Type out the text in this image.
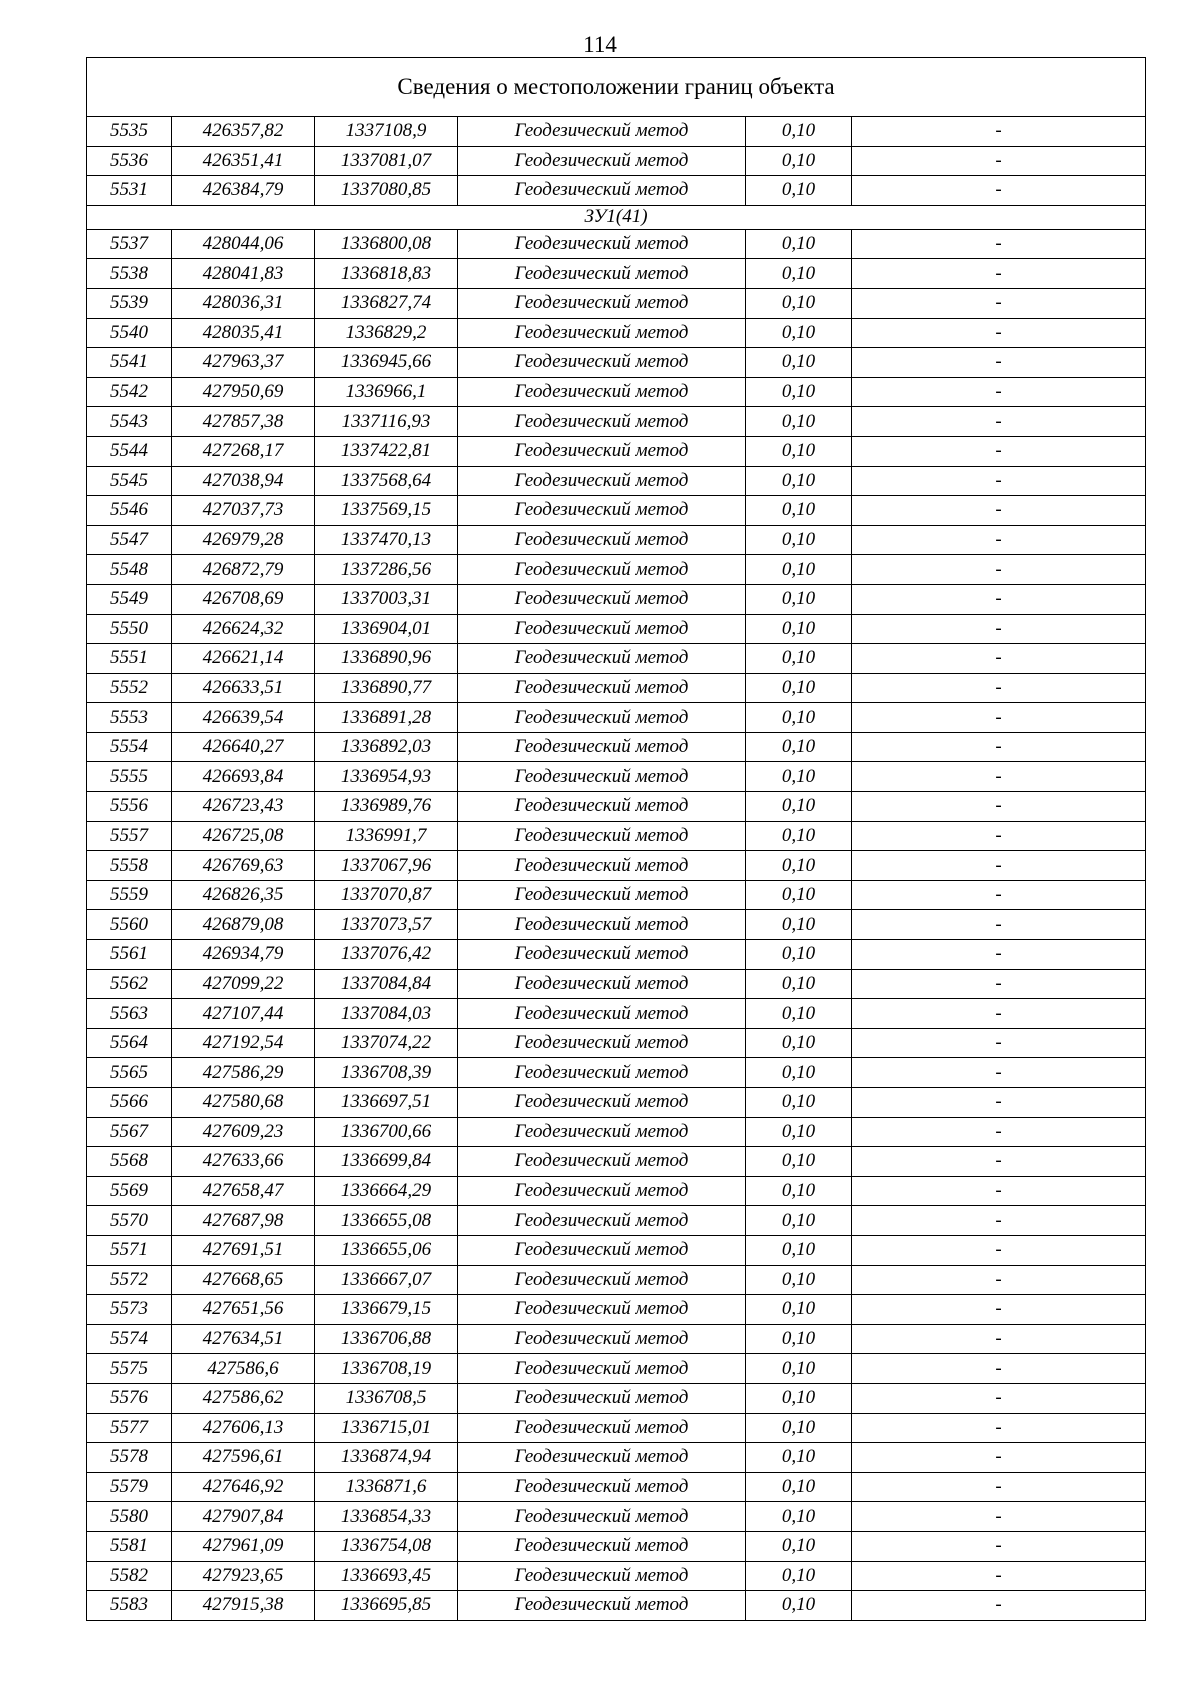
114
Сведения о местоположении границ объекта					
5535	426357,82	1337108,9	Геодезический метод	0,10	-
5536	426351,41	1337081,07	Геодезический метод	0,10	-
5531	426384,79	1337080,85	Геодезический метод	0,10	-
ЗУ1(41)					
5537	428044,06	1336800,08	Геодезический метод	0,10	-
5538	428041,83	1336818,83	Геодезический метод	0,10	-
5539	428036,31	1336827,74	Геодезический метод	0,10	-
5540	428035,41	1336829,2	Геодезический метод	0,10	-
5541	427963,37	1336945,66	Геодезический метод	0,10	-
5542	427950,69	1336966,1	Геодезический метод	0,10	-
5543	427857,38	1337116,93	Геодезический метод	0,10	-
5544	427268,17	1337422,81	Геодезический метод	0,10	-
5545	427038,94	1337568,64	Геодезический метод	0,10	-
5546	427037,73	1337569,15	Геодезический метод	0,10	-
5547	426979,28	1337470,13	Геодезический метод	0,10	-
5548	426872,79	1337286,56	Геодезический метод	0,10	-
5549	426708,69	1337003,31	Геодезический метод	0,10	-
5550	426624,32	1336904,01	Геодезический метод	0,10	-
5551	426621,14	1336890,96	Геодезический метод	0,10	-
5552	426633,51	1336890,77	Геодезический метод	0,10	-
5553	426639,54	1336891,28	Геодезический метод	0,10	-
5554	426640,27	1336892,03	Геодезический метод	0,10	-
5555	426693,84	1336954,93	Геодезический метод	0,10	-
5556	426723,43	1336989,76	Геодезический метод	0,10	-
5557	426725,08	1336991,7	Геодезический метод	0,10	-
5558	426769,63	1337067,96	Геодезический метод	0,10	-
5559	426826,35	1337070,87	Геодезический метод	0,10	-
5560	426879,08	1337073,57	Геодезический метод	0,10	-
5561	426934,79	1337076,42	Геодезический метод	0,10	-
5562	427099,22	1337084,84	Геодезический метод	0,10	-
5563	427107,44	1337084,03	Геодезический метод	0,10	-
5564	427192,54	1337074,22	Геодезический метод	0,10	-
5565	427586,29	1336708,39	Геодезический метод	0,10	-
5566	427580,68	1336697,51	Геодезический метод	0,10	-
5567	427609,23	1336700,66	Геодезический метод	0,10	-
5568	427633,66	1336699,84	Геодезический метод	0,10	-
5569	427658,47	1336664,29	Геодезический метод	0,10	-
5570	427687,98	1336655,08	Геодезический метод	0,10	-
5571	427691,51	1336655,06	Геодезический метод	0,10	-
5572	427668,65	1336667,07	Геодезический метод	0,10	-
5573	427651,56	1336679,15	Геодезический метод	0,10	-
5574	427634,51	1336706,88	Геодезический метод	0,10	-
5575	427586,6	1336708,19	Геодезический метод	0,10	-
5576	427586,62	1336708,5	Геодезический метод	0,10	-
5577	427606,13	1336715,01	Геодезический метод	0,10	-
5578	427596,61	1336874,94	Геодезический метод	0,10	-
5579	427646,92	1336871,6	Геодезический метод	0,10	-
5580	427907,84	1336854,33	Геодезический метод	0,10	-
5581	427961,09	1336754,08	Геодезический метод	0,10	-
5582	427923,65	1336693,45	Геодезический метод	0,10	-
5583	427915,38	1336695,85	Геодезический метод	0,10	-
